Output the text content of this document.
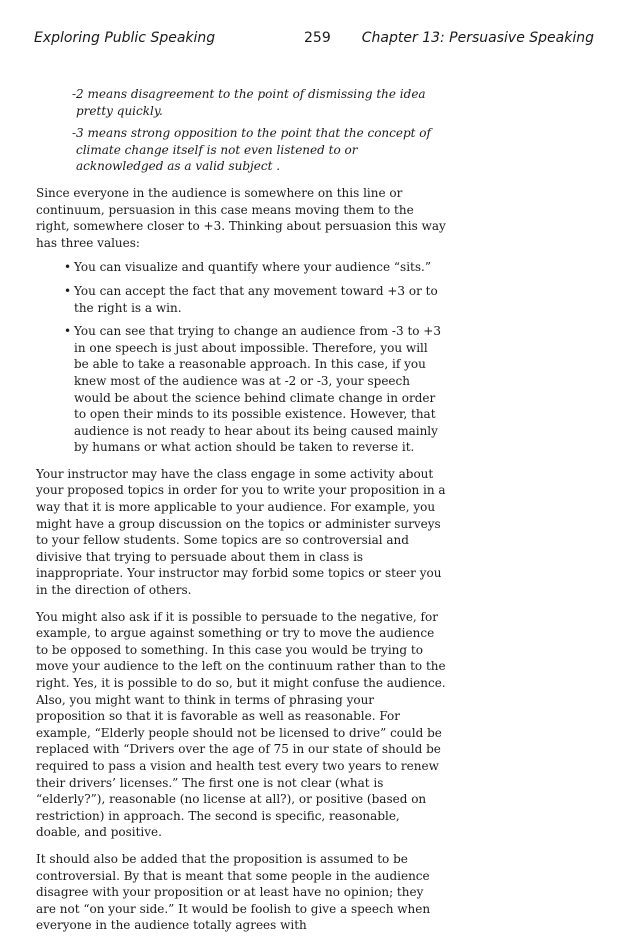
Exploring Public Speaking	259 Chapter 13: Persuasive Speaking
-2 means disagreement to the point of dismissing the idea pretty quickly.
-3 means strong opposition to the point that the concept of climate change itself is not even listened to or acknowledged as a valid subject .

Since everyone in the audience is somewhere on this line or continuum, persuasion in this case means moving them to the right, somewhere closer to +3. Thinking about persuasion this way has three values:

• You can visualize and quantify where your audience “sits.”
• You can accept the fact that any movement toward +3 or to the right is a win.
• You can see that trying to change an audience from -3 to +3 in one speech is just about impossible. Therefore, you will be able to take a reasonable approach. In this case, if you knew most of the audience was at -2 or -3, your speech would be about the science behind climate change in order to open their minds to its possible existence. However, that audience is not ready to hear about its being caused mainly by humans or what action should be taken to reverse it.

Your instructor may have the class engage in some activity about your proposed topics in order for you to write your proposition in a way that it is more applicable to your audience. For example, you might have a group discussion on the topics or administer surveys to your fellow students. Some topics are so controversial and divisive that trying to persuade about them in class is inappropriate. Your instructor may forbid some topics or steer you in the direction of others.

You might also ask if it is possible to persuade to the negative, for example, to argue against something or try to move the audience to be opposed to something. In this case you would be trying to move your audience to the left on the continuum rather than to the right. Yes, it is possible to do so, but it might confuse the audience. Also, you might want to think in terms of phrasing your proposition so that it is favorable as well as reasonable. For example, “Elderly people should not be licensed to drive” could be replaced with “Drivers over the age of 75 in our state of should be required to pass a vision and health test every two years to renew their drivers’ licenses.” The first one is not clear (what is “elderly?”), reasonable (no license at all?), or positive (based on restriction) in approach. The second is specific, reasonable, doable, and positive.

It should also be added that the proposition is assumed to be controversial. By that is meant that some people in the audience disagree with your proposition or at least have no opinion; they are not “on your side.” It would be foolish to give a speech when everyone in the audience totally agrees with
